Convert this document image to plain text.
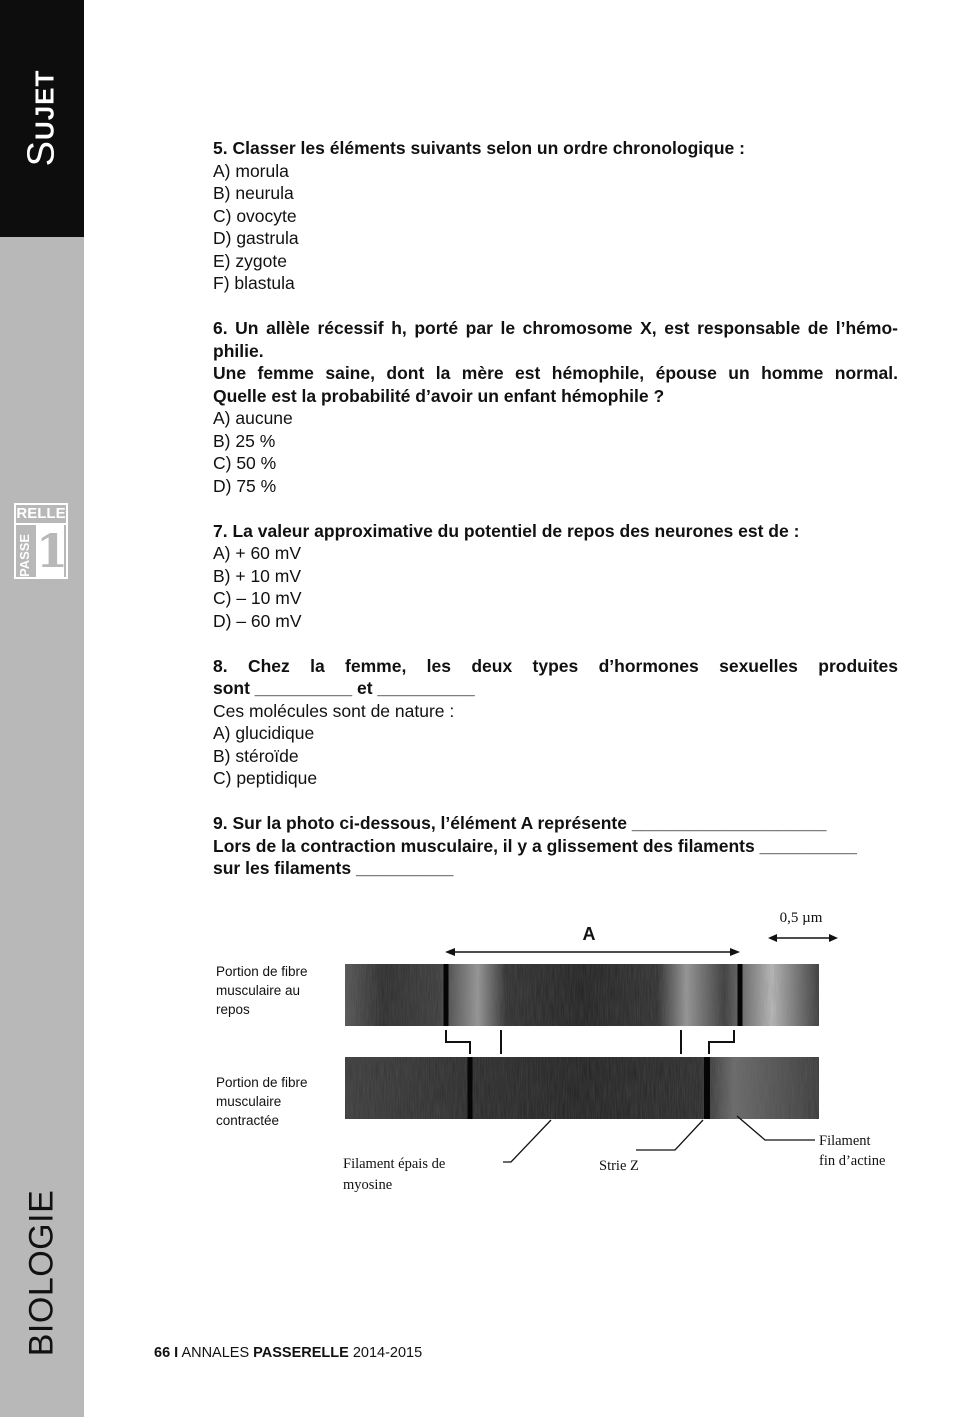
SUJET
RELLE
PASSE 1
BIOLOGIE

5. Classer les éléments suivants selon un ordre chronologique :

A) morula

B) neurula

C) ovocyte

D) gastrula

E) zygote

F) blastula

6. Un allèle récessif h, porté par le chromosome X, est responsable de l’hémo-

philie.

Une femme saine, dont la mère est hémophile, épouse un homme normal.

Quelle est la probabilité d’avoir un enfant hémophile ?

A) aucune

B) 25 %

C) 50 %

D) 75 %

7. La valeur approximative du potentiel de repos des neurones est de :

A) + 60 mV

B) + 10 mV

C) – 10 mV

D) – 60 mV

8. Chez la femme, les deux types d’hormones sexuelles produites

sont __________ et __________

Ces molécules sont de nature :

A) glucidique

B) stéroïde

C) peptidique

9. Sur la photo ci-dessous, l’élément A représente ____________________

Lors de la contraction musculaire, il y a glissement des filaments __________

sur les filaments __________

A
0,5 µm
Portion de fibre
musculaire au
repos
Portion de fibre
musculaire
contractée
Filament épais de
myosine
Strie Z
Filament
fin d’actine
66 I ANNALES PASSERELLE 2014-2015
